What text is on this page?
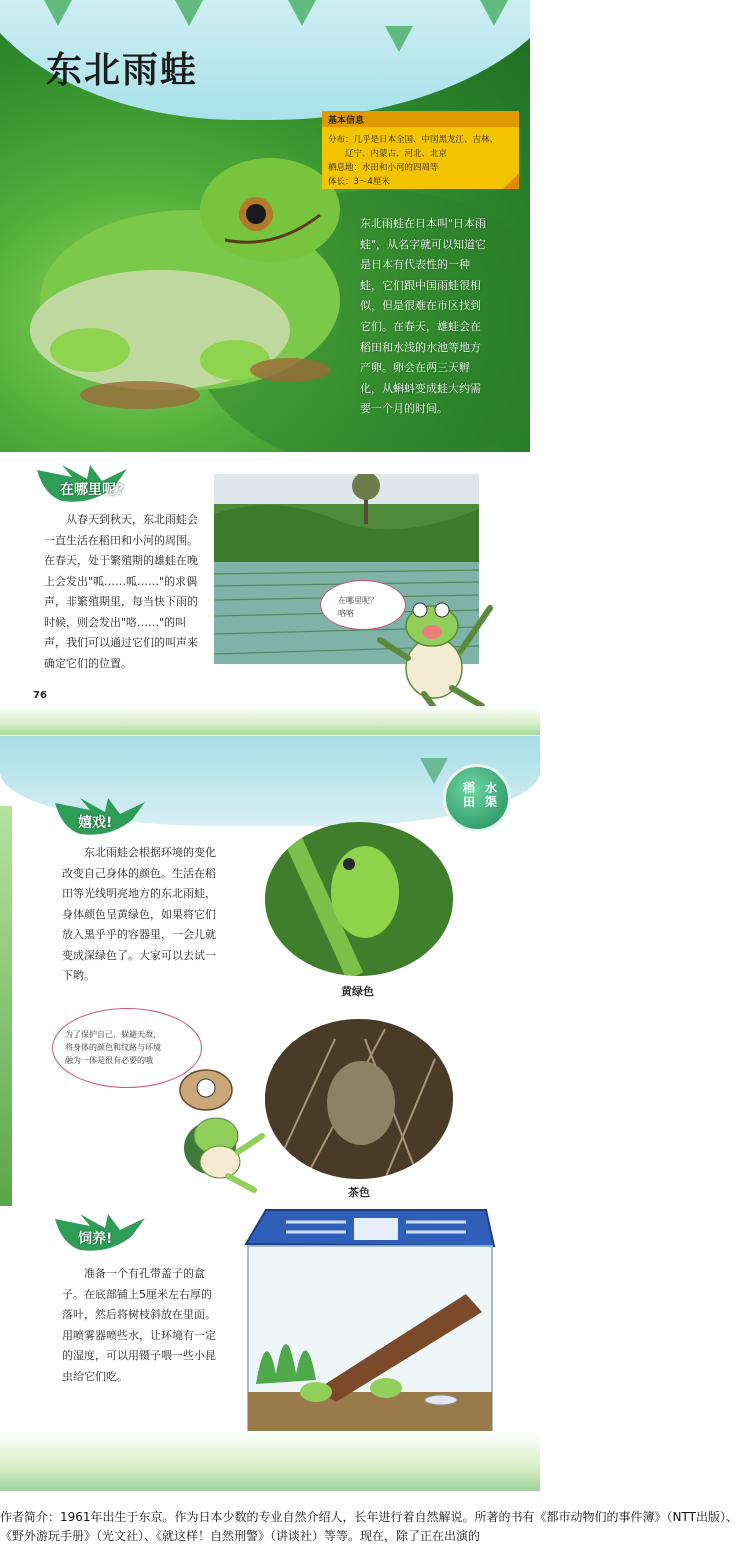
东北雨蛙
基本信息
分布：几乎是日本全国、中国黑龙江、吉林、
　　辽宁、内蒙古、河北、北京
栖息地：水田和小河的四周等
体长：3～4厘米

东北雨蛙在日本叫"日本雨蛙"，从名字就可以知道它是日本有代表性的一种蛙，它们跟中国雨蛙很相似，但是很难在市区找到它们。在春天，雄蛙会在稻田和水浅的水池等地方产卵。卵会在两三天孵化，从蝌蚪变成蛙大约需要一个月的时间。

在哪里呢?

从春天到秋天，东北雨蛙会一直生活在稻田和小河的周围。在春天，处于繁殖期的雄蛙在晚上会发出"呱……呱……"的求偶声，非繁殖期里，每当快下雨的时候，则会发出"咯……"的叫声，我们可以通过它们的叫声来确定它们的位置。

在哪里呢？
咯咯
76
水
渠
稻
田
嬉戏!

东北雨蛙会根据环境的变化改变自己身体的颜色。生活在稻田等光线明亮地方的东北雨蛙，身体颜色呈黄绿色，如果将它们放入黑乎乎的容器里，一会儿就变成深绿色了。大家可以去试一下哟。

黄绿色
为了保护自己、躲避天敌，
将身体的颜色和纹路与环境
融为一体是很有必要的哦
茶色
饲养!

准备一个有孔带盖子的盒子。在底部铺上5厘米左右厚的落叶，然后将树枝斜放在里面。用喷雾器喷些水，让环境有一定的湿度，可以用镊子喂一些小昆虫给它们吃。

作者简介：1961年出生于东京。作为日本少数的专业自然介绍人，长年进行着自然解说。所著的书有《都市动物们的事件簿》（NTT出版）、《野外游玩手册》（光文社）、《就这样！自然刑警》（讲谈社）等等。现在，除了正在出演的
